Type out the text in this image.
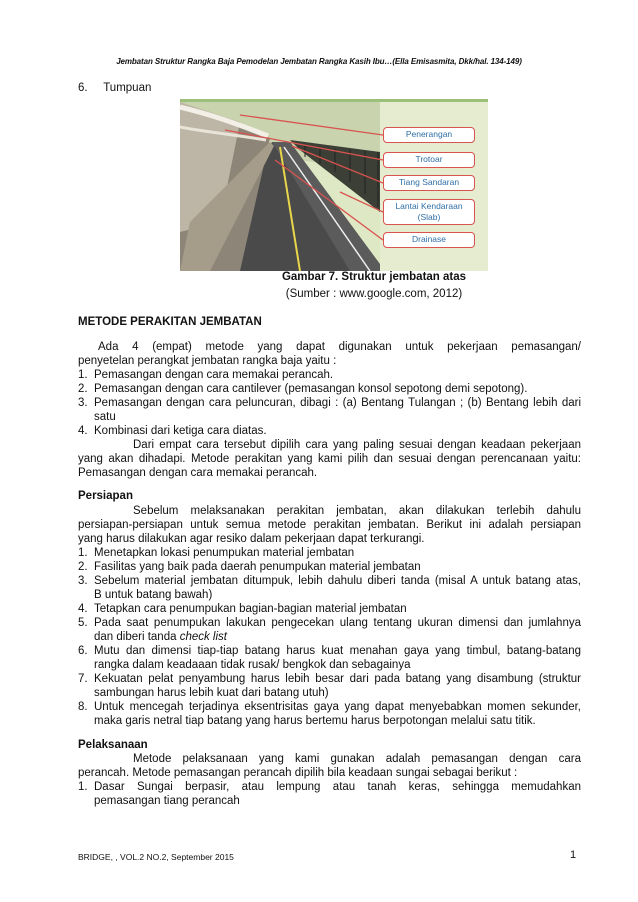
Jembatan Struktur Rangka Baja Pemodelan Jembatan Rangka Kasih Ibu…(Ella Emisasmita, Dkk/hal. 134-149)
6. Tumpuan
Penerangan
Trotoar
Tiang Sandaran
Lantai Kendaraan
(Slab)
Drainase
Gambar 7. Struktur jembatan atas
(Sumber : www.google.com, 2012)
METODE PERAKITAN JEMBATAN
Ada 4 (empat) metode yang dapat digunakan untuk pekerjaan pemasangan/
penyetelan perangkat jembatan rangka baja yaitu :
1. Pemasangan dengan cara memakai perancah.
2. Pemasangan dengan cara cantilever (pemasangan konsol sepotong demi sepotong).
3. Pemasangan dengan cara peluncuran, dibagi : (a) Bentang Tulangan ; (b) Bentang lebih dari
satu
4. Kombinasi dari ketiga cara diatas.
Dari empat cara tersebut dipilih cara yang paling sesuai dengan keadaan pekerjaan
yang akan dihadapi. Metode perakitan yang kami pilih dan sesuai dengan perencanaan yaitu:
Pemasangan dengan cara memakai perancah.
Persiapan
Sebelum melaksanakan perakitan jembatan, akan dilakukan terlebih dahulu
persiapan-persiapan untuk semua metode perakitan jembatan. Berikut ini adalah persiapan
yang harus dilakukan agar resiko dalam pekerjaan dapat terkurangi.
1. Menetapkan lokasi penumpukan material jembatan
2. Fasilitas yang baik pada daerah penumpukan material jembatan
3. Sebelum material jembatan ditumpuk, lebih dahulu diberi tanda (misal A untuk batang atas,
B untuk batang bawah)
4. Tetapkan cara penumpukan bagian-bagian material jembatan
5. Pada saat penumpukan lakukan pengecekan ulang tentang ukuran dimensi dan jumlahnya
dan diberi tanda check list
6. Mutu dan dimensi tiap-tiap batang harus kuat menahan gaya yang timbul, batang-batang
rangka dalam keadaaan tidak rusak/ bengkok dan sebagainya
7. Kekuatan pelat penyambung harus lebih besar dari pada batang yang disambung (struktur
sambungan harus lebih kuat dari batang utuh)
8. Untuk mencegah terjadinya eksentrisitas gaya yang dapat menyebabkan momen sekunder,
maka garis netral tiap batang yang harus bertemu harus berpotongan melalui satu titik.
Pelaksanaan
Metode pelaksanaan yang kami gunakan adalah pemasangan dengan cara
perancah. Metode pemasangan perancah dipilih bila keadaan sungai sebagai berikut :
1. Dasar Sungai berpasir, atau lempung atau tanah keras, sehingga memudahkan
pemasangan tiang perancah
BRIDGE, , VOL.2 NO.2, September 2015	1
